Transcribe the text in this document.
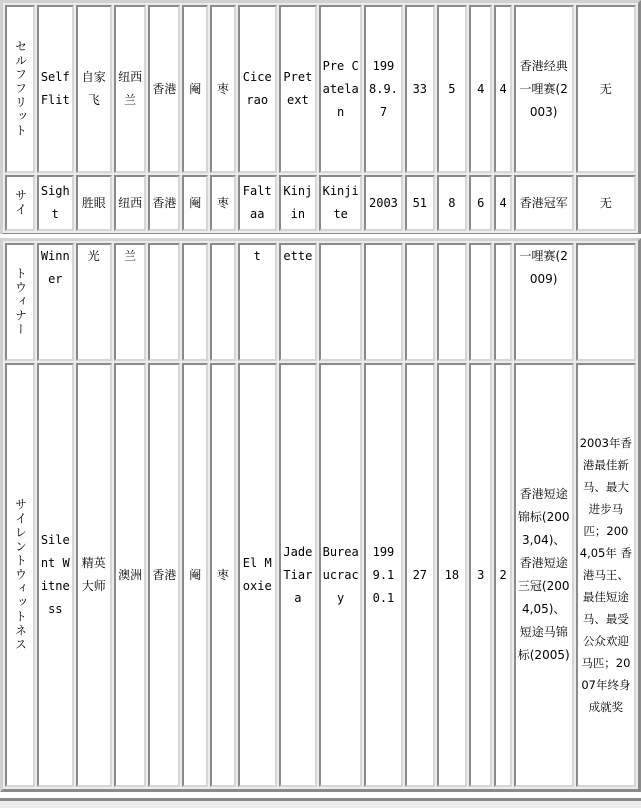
セルフフリット	Self Flit	自家飞	纽西兰	香港	阉	枣	Cicerao	Pretext	Pre Catelan	1998.9.7	33	5	4	4	香港经典一哩赛(2003)	无
サイ	Sight	胜眼	纽西	香港	阉	枣	Faltaa	Kinjin	Kinjite	2003	51	8	6	4	香港冠军	无
トウィナー	Winner	光	兰				t	ette							一哩赛(2009)	
サイレントウィットネス	Silent Witness	精英大师	澳洲	香港	阉	枣	El Moxie	Jade Tiara	Bureaucracy	1999.10.1	27	18	3	2	香港短途锦标(2003,04)、香港短途三冠(2004,05)、短途马锦标(2005)	2003年香港最佳新马、最大进步马匹；2004,05年 香港马王、最佳短途马、最受公众欢迎马匹；2007年终身成就奖
